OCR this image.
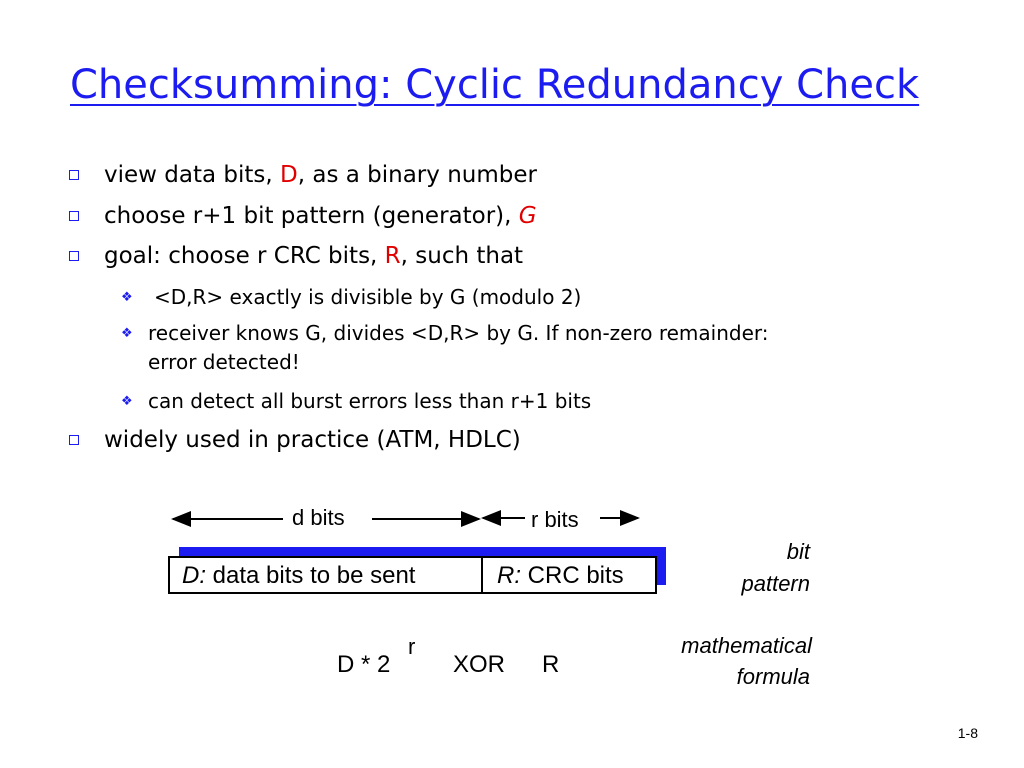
Checksumming: Cyclic Redundancy Check
view data bits, D, as a binary number
choose r+1 bit pattern (generator), G
goal: choose r CRC bits, R, such that
❖ <D,R> exactly is divisible by G (modulo 2)
❖ receiver knows G, divides <D,R> by G. If non-zero remainder:
error detected!
❖ can detect all burst errors less than r+1 bits
widely used in practice (ATM, HDLC)
d bits	r bits
D: data bits to be sent	R: CRC bits
bit
pattern
D * 2
r
XOR R
mathematical
formula
1-8
